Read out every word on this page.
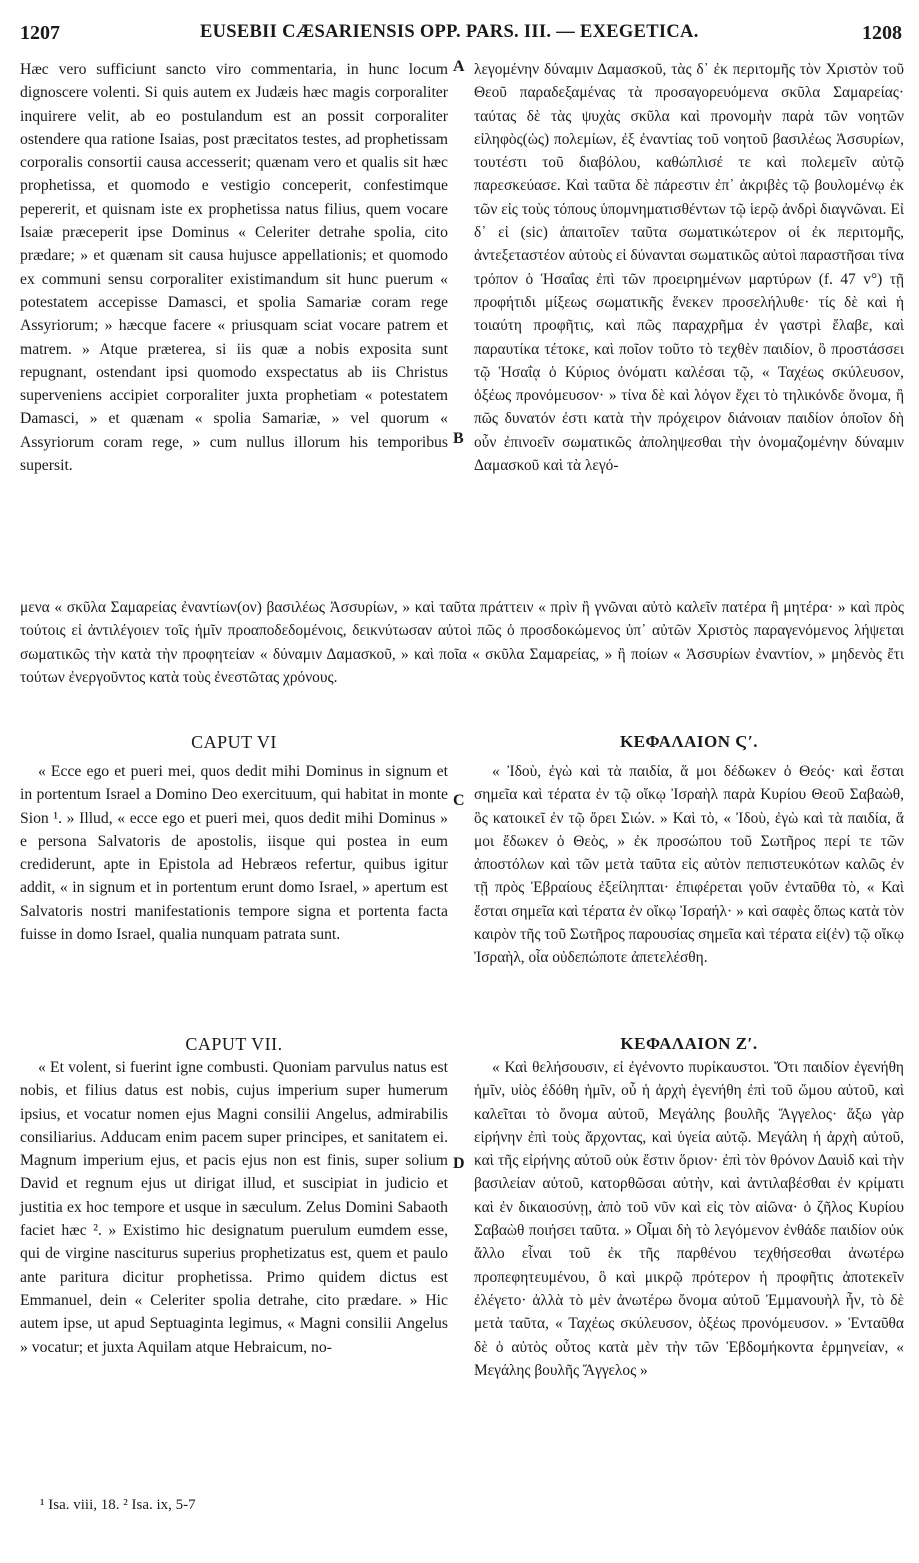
1207	EUSEBII CÆSARIENSIS OPP. PARS. III. — EXEGETICA.	1208

Hæc vero sufficiunt sancto viro commentaria, in hunc locum dignoscere volenti. Si quis autem ex Judæis hæc magis corporaliter inquirere velit, ab eo postulandum est an possit corporaliter ostendere qua ratione Isaias, post præcitatos testes, ad prophetissam corporalis consortii causa accesserit; quænam vero et qualis sit hæc prophetissa, et quomodo e vestigio conceperit, confestimque pepererit, et quisnam iste ex prophetissa natus filius, quem vocare Isaiæ præceperit ipse Dominus « Celeriter detrahe spolia, cito prædare; » et quænam sit causa hujusce appellationis; et quomodo ex communi sensu corporaliter existimandum sit hunc puerum « potestatem accepisse Damasci, et spolia Samariæ coram rege Assyriorum; » hæcque facere « priusquam sciat vocare patrem et matrem. » Atque præterea, si iis quæ a nobis exposita sunt repugnant, ostendant ipsi quomodo exspectatus ab iis Christus superveniens accipiet corporaliter juxta prophetiam « potestatem Damasci, » et quænam « spolia Samariæ, » vel quorum « Assyriorum coram rege, » cum nullus illorum his temporibus supersit.

λεγομένην δύναμιν Δαμασκοῦ, τὰς δ᾽ ἐκ περιτομῆς τὸν Χριστὸν τοῦ Θεοῦ παραδεξαμένας τὰ προσαγορευόμενα σκῦλα Σαμαρείας· ταύτας δὲ τὰς ψυχὰς σκῦλα καὶ προνομὴν παρὰ τῶν νοητῶν εἰληφὸς(ὡς) πολεμίων, ἐξ ἐναντίας τοῦ νοητοῦ βασιλέως Ἀσσυρίων, τουτέστι τοῦ διαβόλου, καθώπλισέ τε καὶ πολεμεῖν αὐτῷ παρεσκεύασε. Καὶ ταῦτα δὲ πάρεστιν ἐπ᾽ ἀκριβὲς τῷ βουλομένῳ ἐκ τῶν εἰς τοὺς τόπους ὑπομνηματισθέντων τῷ ἱερῷ ἀνδρὶ διαγνῶναι. Εἰ δ᾽ εἰ (sic) ἀπαιτοῖεν ταῦτα σωματικώτερον οἱ ἐκ περιτομῆς, ἀντεξεταστέον αὐτοὺς εἰ δύνανται σωματικῶς αὐτοὶ παραστῆσαι τίνα τρόπον ὁ Ἡσαΐας ἐπὶ τῶν προειρημένων μαρτύρων (f. 47 v°) τῇ προφήτιδι μίξεως σωματικῆς ἕνεκεν προσελήλυθε· τίς δὲ καὶ ἡ τοιαύτη προφῆτις, καὶ πῶς παραχρῆμα ἐν γαστρὶ ἔλαβε, καὶ παραυτίκα τέτοκε, καὶ ποῖον τοῦτο τὸ τεχθὲν παιδίον, ὃ προστάσσει τῷ Ἡσαΐᾳ ὁ Κύριος ὀνόματι καλέσαι τῷ, « Ταχέως σκύλευσον, ὀξέως προνόμευσον· » τίνα δὲ καὶ λόγον ἔχει τὸ τηλικόνδε ὄνομα, ἢ πῶς δυνατόν ἐστι κατὰ τὴν πρόχειρον διάνοιαν παιδίον ὁποῖον δὴ οὖν ἐπινοεῖν σωματικῶς ἀποληψεσθαι τὴν ὀνομαζομένην δύναμιν Δαμασκοῦ καὶ τὰ λεγό-

A
B
C
D

μενα « σκῦλα Σαμαρείας ἐναντίων(ον) βασιλέως Ἀσσυρίων, » καὶ ταῦτα πράττειν « πρὶν ἢ γνῶναι αὐτὸ καλεῖν πατέρα ἢ μητέρα· » καὶ πρὸς τούτοις εἰ ἀντιλέγοιεν τοῖς ἡμῖν προαποδεδομένοις, δεικνύτωσαν αὐτοὶ πῶς ὁ προσδοκώμενος ὑπ᾽ αὐτῶν Χριστὸς παραγενόμενος λήψεται σωματικῶς τὴν κατὰ τὴν προφητείαν « δύναμιν Δαμασκοῦ, » καὶ ποῖα « σκῦλα Σαμαρείας, » ἢ ποίων « Ἀσσυρίων ἐναντίον, » μηδενὸς ἔτι τούτων ἐνεργοῦντος κατὰ τοὺς ἐνεστῶτας χρόνους.

CAPUT VI	ΚΕΦΑΛΑΙΟΝ Ϛʹ.

« Ecce ego et pueri mei, quos dedit mihi Dominus in signum et in portentum Israel a Domino Deo exercituum, qui habitat in monte Sion ¹. » Illud, « ecce ego et pueri mei, quos dedit mihi Dominus » e persona Salvatoris de apostolis, iisque qui postea in eum crediderunt, apte in Epistola ad Hebræos refertur, quibus igitur addit, « in signum et in portentum erunt domo Israel, » apertum est Salvatoris nostri manifestationis tempore signa et portenta facta fuisse in domo Israel, qualia nunquam patrata sunt.

« Ἰδοὺ, ἐγὼ καὶ τὰ παιδία, ἅ μοι δέδωκεν ὁ Θεός· καὶ ἔσται σημεῖα καὶ τέρατα ἐν τῷ οἴκῳ Ἰσραὴλ παρὰ Κυρίου Θεοῦ Σαβαὼθ, ὃς κατοικεῖ ἐν τῷ ὄρει Σιών. » Καὶ τὸ, « Ἰδοὺ, ἐγὼ καὶ τὰ παιδία, ἅ μοι ἔδωκεν ὁ Θεὸς, » ἐκ προσώπου τοῦ Σωτῆρος περί τε τῶν ἀποστόλων καὶ τῶν μετὰ ταῦτα εἰς αὐτὸν πεπιστευκότων καλῶς ἐν τῇ πρὸς Ἑβραίους ἐξείληπται· ἐπιφέρεται γοῦν ἐνταῦθα τὸ, « Καὶ ἔσται σημεῖα καὶ τέρατα ἐν οἴκῳ Ἰσραήλ· » καὶ σαφὲς ὅπως κατὰ τὸν καιρὸν τῆς τοῦ Σωτῆρος παρουσίας σημεῖα καὶ τέρατα εἰ(ἐν) τῷ οἴκῳ Ἰσραὴλ, οἷα οὐδεπώποτε ἀπετελέσθη.

CAPUT VII.	ΚΕΦΑΛΑΙΟΝ Ζʹ.

« Et volent, si fuerint igne combusti. Quoniam parvulus natus est nobis, et filius datus est nobis, cujus imperium super humerum ipsius, et vocatur nomen ejus Magni consilii Angelus, admirabilis consiliarius. Adducam enim pacem super principes, et sanitatem ei. Magnum imperium ejus, et pacis ejus non est finis, super solium David et regnum ejus ut dirigat illud, et suscipiat in judicio et justitia ex hoc tempore et usque in sæculum. Zelus Domini Sabaoth faciet hæc ². » Existimo hic designatum puerulum eumdem esse, qui de virgine nasciturus superius prophetizatus est, quem et paulo ante paritura dicitur prophetissa. Primo quidem dictus est Emmanuel, dein « Celeriter spolia detrahe, cito prædare. » Hic autem ipse, ut apud Septuaginta legimus, « Magni consilii Angelus » vocatur; et juxta Aquilam atque Hebraicum, no-

« Καὶ θελήσουσιν, εἰ ἐγένοντο πυρίκαυστοι. Ὅτι παιδίον ἐγενήθη ἡμῖν, υἱὸς ἐδόθη ἡμῖν, οὗ ἡ ἀρχὴ ἐγενήθη ἐπὶ τοῦ ὤμου αὐτοῦ, καὶ καλεῖται τὸ ὄνομα αὐτοῦ, Μεγάλης βουλῆς Ἄγγελος· ἄξω γὰρ εἰρήνην ἐπὶ τοὺς ἄρχοντας, καὶ ὑγεία αὐτῷ. Μεγάλη ἡ ἀρχὴ αὐτοῦ, καὶ τῆς εἰρήνης αὐτοῦ οὐκ ἔστιν ὅριον· ἐπὶ τὸν θρόνον Δαυὶδ καὶ τὴν βασιλείαν αὐτοῦ, κατορθῶσαι αὐτὴν, καὶ ἀντιλαβέσθαι ἐν κρίματι καὶ ἐν δικαιοσύνῃ, ἀπὸ τοῦ νῦν καὶ εἰς τὸν αἰῶνα· ὁ ζῆλος Κυρίου Σαβαὼθ ποιήσει ταῦτα. » Οἶμαι δὴ τὸ λεγόμενον ἐνθάδε παιδίον οὐκ ἄλλο εἶναι τοῦ ἐκ τῆς παρθένου τεχθήσεσθαι ἀνωτέρω προπεφητευμένου, ὃ καὶ μικρῷ πρότερον ἡ προφῆτις ἀποτεκεῖν ἐλέγετο· ἀλλὰ τὸ μὲν ἀνωτέρω ὄνομα αὐτοῦ Ἐμμανουὴλ ἦν, τὸ δὲ μετὰ ταῦτα, « Ταχέως σκύλευσον, ὀξέως προνόμευσον. » Ἐνταῦθα δὲ ὁ αὐτὸς οὗτος κατὰ μὲν τὴν τῶν Ἑβδομήκοντα ἑρμηνείαν, « Μεγάλης βουλῆς Ἄγγελος »

¹ Isa. viii, 18. ² Isa. ix, 5-7
